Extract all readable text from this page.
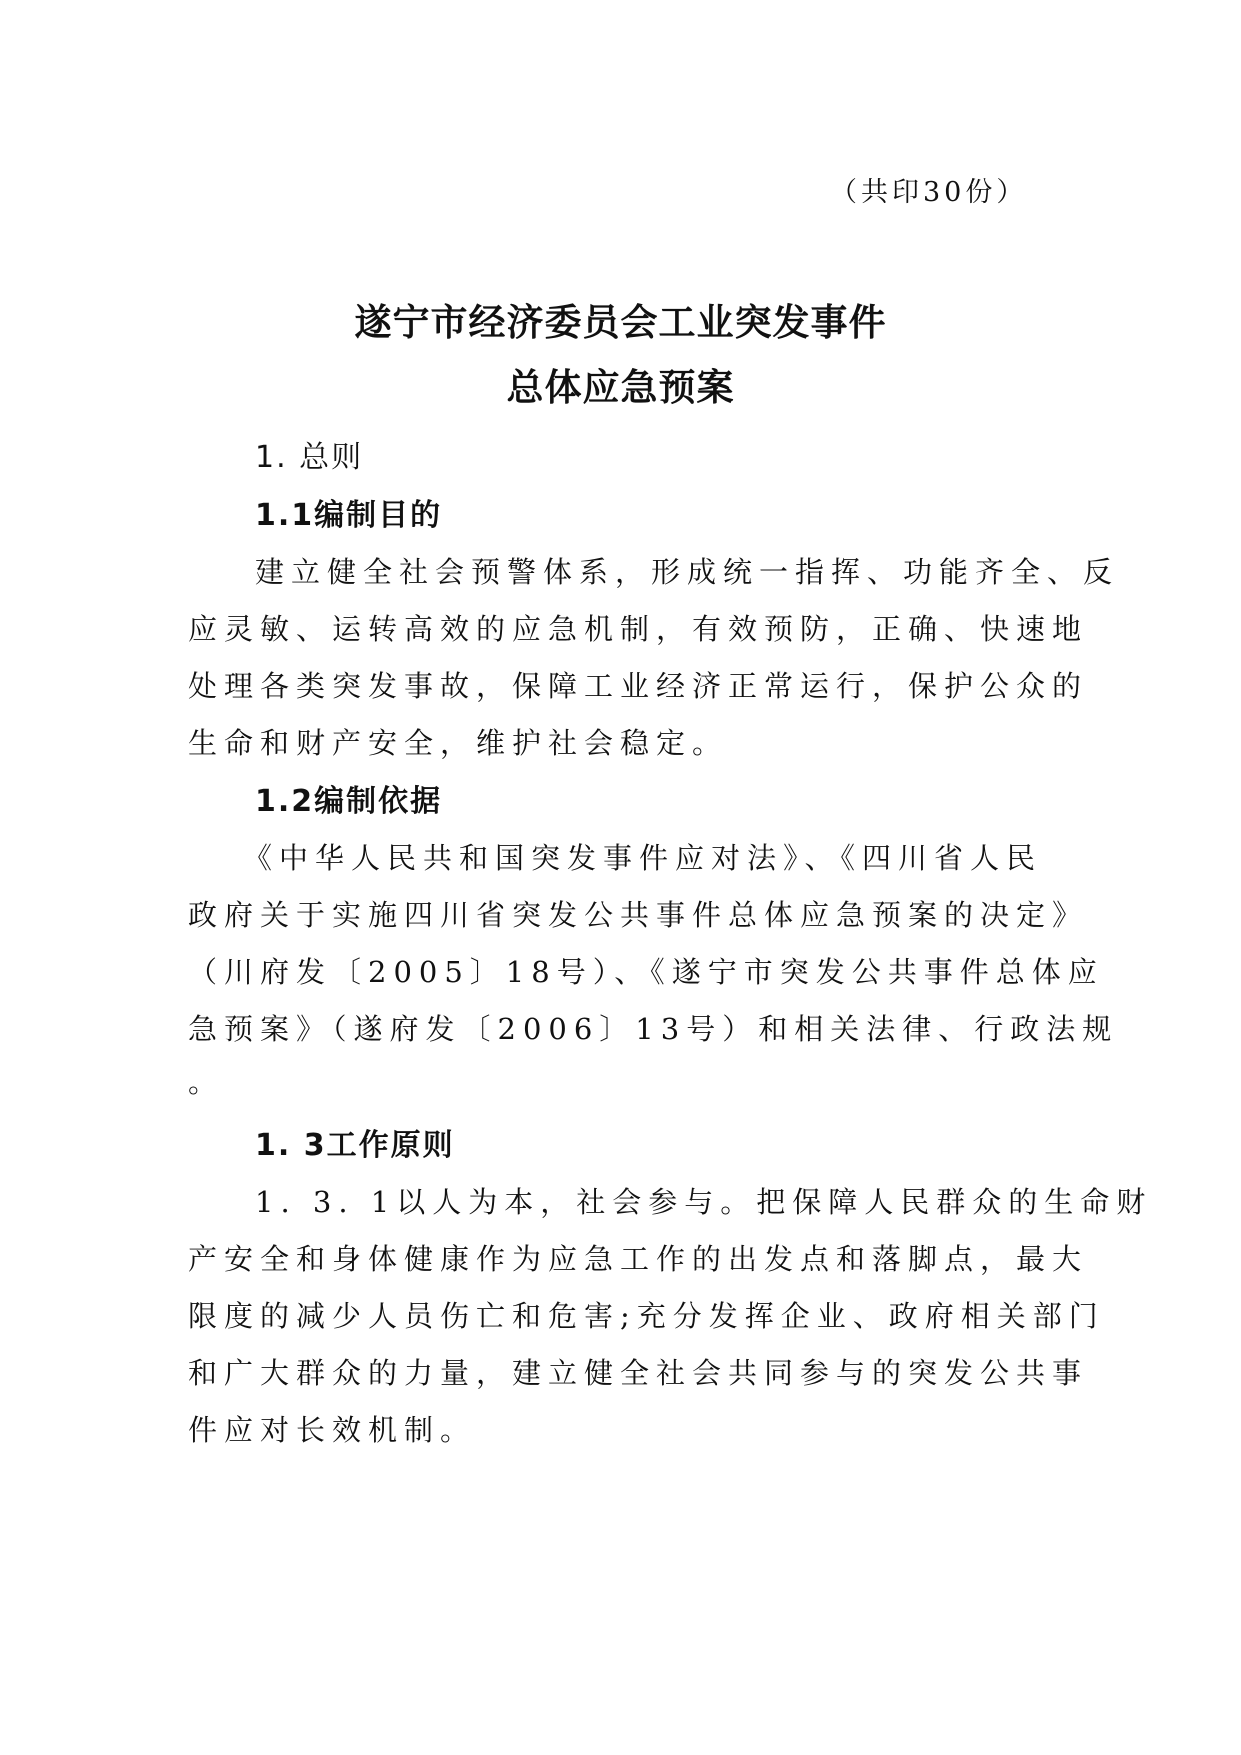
（共印30份）
遂宁市经济委员会工业突发事件
总体应急预案
1. 总则
1.1编制目的
建立健全社会预警体系，形成统一指挥、功能齐全、反
应灵敏、运转高效的应急机制，有效预防，正确、快速地
处理各类突发事故，保障工业经济正常运行，保护公众的
生命和财产安全，维护社会稳定。
1.2编制依据
《中华人民共和国突发事件应对法》、《四川省人民
政府关于实施四川省突发公共事件总体应急预案的决定》
（川府发〔2005〕18号）、《遂宁市突发公共事件总体应
急预案》（遂府发〔2006〕13号）和相关法律、行政法规
。
1. 3工作原则
1. 3. 1以人为本，社会参与。把保障人民群众的生命财
产安全和身体健康作为应急工作的出发点和落脚点，最大
限度的减少人员伤亡和危害;充分发挥企业、政府相关部门
和广大群众的力量，建立健全社会共同参与的突发公共事
件应对长效机制。
